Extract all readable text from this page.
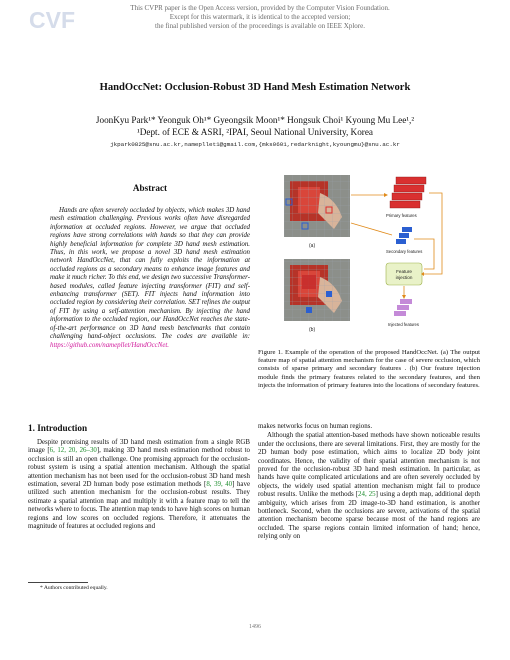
CVF	This CVPR paper is the Open Access version, provided by the Computer Vision Foundation.
Except for this watermark, it is identical to the accepted version;
the final published version of the proceedings is available on IEEE Xplore.
HandOccNet: Occlusion-Robust 3D Hand Mesh Estimation Network
JoonKyu Park¹* Yeonguk Oh¹* Gyeongsik Moon¹* Hongsuk Choi¹ Kyoung Mu Lee¹,²
¹Dept. of ECE & ASRI, ²IPAI, Seoul National University, Korea
jkpark0825@snu.ac.kr,namepllet1@gmail.com,{mks0601,redarknight,kyoungmu}@snu.ac.kr
Abstract
Hands are often severely occluded by objects, which makes 3D hand mesh estimation challenging. Previous works often have disregarded information at occluded regions. However, we argue that occluded regions have strong correlations with hands so that they can provide highly beneficial information for complete 3D hand mesh estimation. Thus, in this work, we propose a novel 3D hand mesh estimation network HandOccNet, that can fully exploits the information at occluded regions as a secondary means to enhance image features and make it much richer. To this end, we design two successive Transformer-based modules, called feature injecting transformer (FIT) and self-enhancing transformer (SET). FIT injects hand information into occluded region by considering their correlation. SET refines the output of FIT by using a self-attention mechanism. By injecting the hand information to the occluded region, our HandOccNet reaches the state-of-the-art performance on 3D hand mesh benchmarks that contain challenging hand-object occlusions. The codes are available in: https://github.com/namepllet/HandOccNet.
1. Introduction
Despite promising results of 3D hand mesh estimation from a single RGB image [6, 12, 20, 26–30], making 3D hand mesh estimation method robust to occlusion is still an open challenge. One promising approach for the occlusion-robust system is using a spatial attention mechanism. Although the spatial attention mechanism has not been used for the occlusion-robust 3D hand mesh estimation, several 2D human body pose estimation methods [8, 39, 40] have utilized such attention mechanism for the occlusion-robust results. They estimate a spatial attention map and multiply it with a feature map to tell the networks where to focus. The attention map tends to have high scores on human regions and low scores on occluded regions. Therefore, it attenuates the magnitude of features at occluded regions and
* Authors contributed equally.
(a)
(b)
Primary features
Secondary features
Feature
injection
Injected features
Figure 1. Example of the operation of the proposed HandOccNet. (a) The output feature map of spatial attention mechanism for the case of severe occlusion, which consists of sparse primary and secondary features . (b) Our feature injection module finds the primary features related to the secondary features, and then injects the information of primary features into the locations of secondary features.

makes networks focus on human regions.

Although the spatial attention-based methods have shown noticeable results under the occlusions, there are several limitations. First, they are mostly for the 2D human body pose estimation, which aims to localize 2D body joint coordinates. Hence, the validity of their spatial attention mechanism is not proved for the occlusion-robust 3D hand mesh estimation. In particular, as hands have quite complicated articulations and are often severely occluded by objects, the widely used spatial attention mechanism might fail to produce robust results. Unlike the methods [24, 25] using a depth map, additional depth ambiguity, which arises from 2D image-to-3D hand estimation, is another bottleneck. Second, when the occlusions are severe, activations of the spatial attention mechanism become sparse because most of the hand regions are occluded. The sparse regions contain limited information of hand; hence, relying only on

1496
